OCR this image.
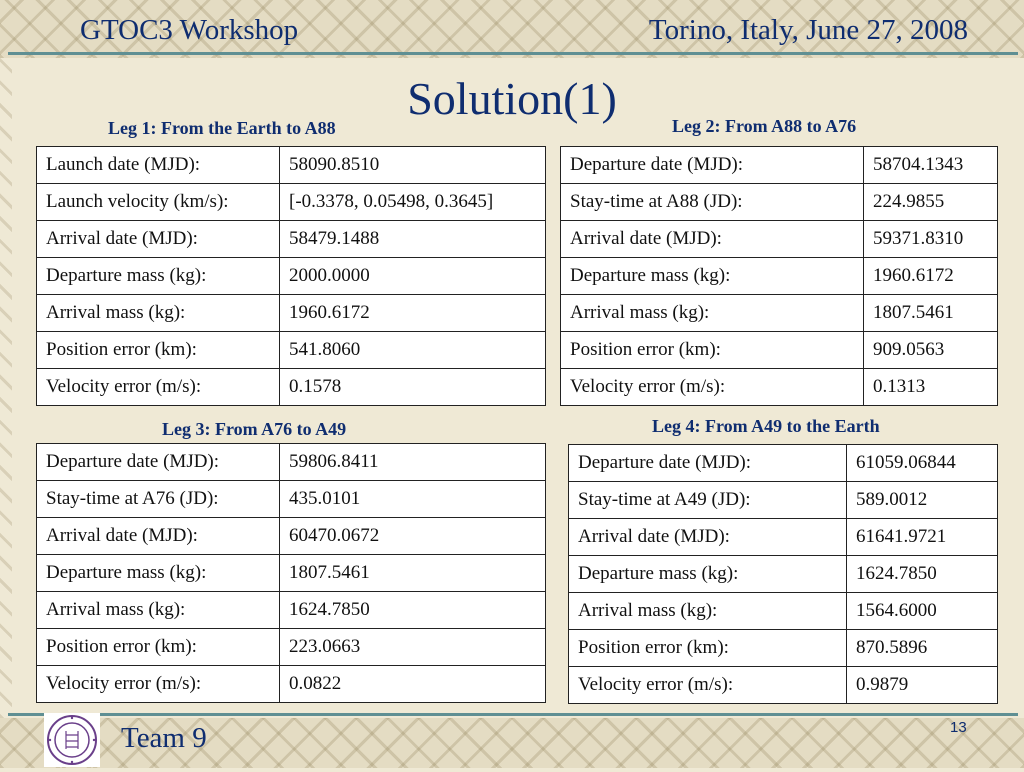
GTOC3 Workshop	Torino, Italy, June 27, 2008
Solution(1)
Leg 1: From the Earth to A88
Launch date (MJD):	58090.8510
Launch velocity (km/s):	[-0.3378, 0.05498, 0.3645]
Arrival date (MJD):	58479.1488
Departure mass (kg):	2000.0000
Arrival mass (kg):	1960.6172
Position error (km):	541.8060
Velocity error (m/s):	0.1578
Leg 2: From A88 to A76
Departure date (MJD):	58704.1343
Stay-time at A88 (JD):	224.9855
Arrival date (MJD):	59371.8310
Departure mass (kg):	1960.6172
Arrival mass (kg):	1807.5461
Position error (km):	909.0563
Velocity error (m/s):	0.1313
Leg 3: From A76 to A49
Departure date (MJD):	59806.8411
Stay-time at A76 (JD):	435.0101
Arrival date (MJD):	60470.0672
Departure mass (kg):	1807.5461
Arrival mass (kg):	1624.7850
Position error (km):	223.0663
Velocity error (m/s):	0.0822
Leg 4: From A49 to the Earth
Departure date (MJD):	61059.06844
Stay-time at A49 (JD):	589.0012
Arrival date (MJD):	61641.9721
Departure mass (kg):	1624.7850
Arrival mass (kg):	1564.6000
Position error (km):	870.5896
Velocity error (m/s):	0.9879
Team 9	13
